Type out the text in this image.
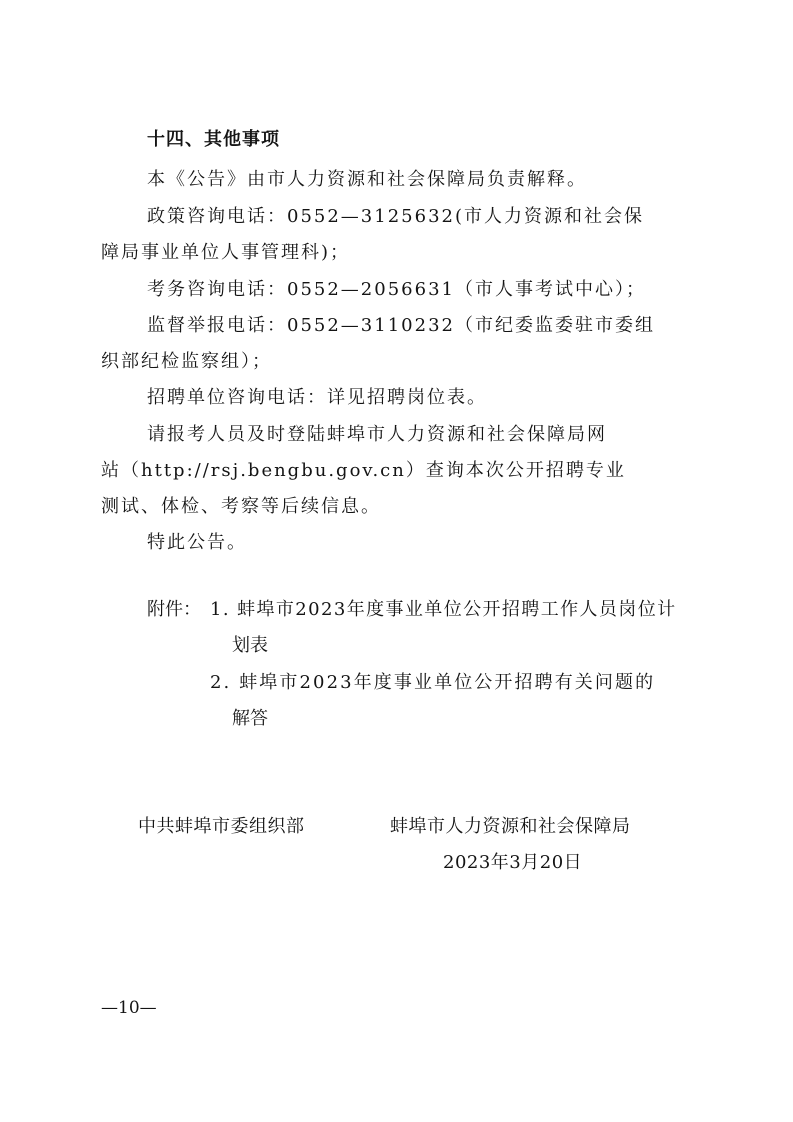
十四、其他事项
本《公告》由市人力资源和社会保障局负责解释。
政策咨询电话：0552—3125632(市人力资源和社会保
障局事业单位人事管理科)；
考务咨询电话：0552—2056631（市人事考试中心）；
监督举报电话：0552—3110232（市纪委监委驻市委组
织部纪检监察组）；
招聘单位咨询电话：详见招聘岗位表。
请报考人员及时登陆蚌埠市人力资源和社会保障局网
站（http://rsj.bengbu.gov.cn）查询本次公开招聘专业
测试、体检、考察等后续信息。
特此公告。
附件： 1. 蚌埠市2023年度事业单位公开招聘工作人员岗位计
划表
2. 蚌埠市2023年度事业单位公开招聘有关问题的
解答
中共蚌埠市委组织部	蚌埠市人力资源和社会保障局
2023年3月20日
—10—
